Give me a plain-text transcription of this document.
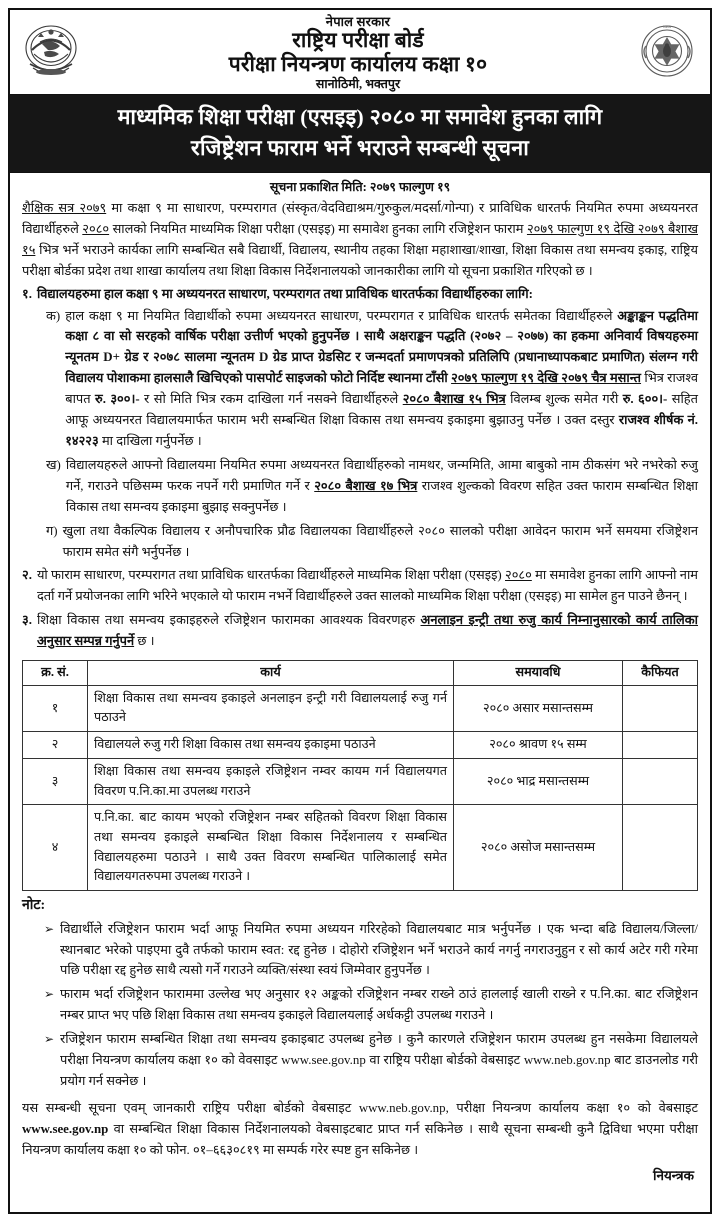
नेपाल सरकार
राष्ट्रिय परीक्षा बोर्ड
परीक्षा नियन्त्रण कार्यालय कक्षा १०
सानोठिमी, भक्तपुर
NEB
माध्यमिक शिक्षा परीक्षा (एसइइ) २०८० मा समावेश हुनका लागि
रजिष्ट्रेशन फाराम भर्ने भराउने सम्बन्धी सूचना
सूचना प्रकाशित मिति: २०७९ फाल्गुण १९

शैक्षिक सत्र २०७९ मा कक्षा ९ मा साधारण, परम्परागत (संस्कृत/वेदविद्याश्रम/गुरुकुल/मदर्सा/गोन्पा) र प्राविधिक धारतर्फ नियमित रुपमा अध्ययनरत विद्यार्थीहरुले २०८० सालको नियमित माध्यमिक शिक्षा परीक्षा (एसइइ) मा समावेश हुनका लागि रजिष्ट्रेशन फाराम २०७९ फाल्गुण १९ देखि २०७९ बैशाख १५ भित्र भर्ने भराउने कार्यका लागि सम्बन्धित सबै विद्यार्थी, विद्यालय, स्थानीय तहका शिक्षा महाशाखा/शाखा, शिक्षा विकास तथा समन्वय इकाइ, राष्ट्रिय परीक्षा बोर्डका प्रदेश तथा शाखा कार्यालय तथा शिक्षा विकास निर्देशनालयको जानकारीका लागि यो सूचना प्रकाशित गरिएको छ ।

१. विद्यालयहरुमा हाल कक्षा ९ मा अध्ययनरत साधारण, परम्परागत तथा प्राविधिक धारतर्फका विद्यार्थीहरुका लागि:
क) हाल कक्षा ९ मा नियमित विद्यार्थीको रुपमा अध्ययनरत साधारण, परम्परागत र प्राविधिक धारतर्फ समेतका विद्यार्थीहरुले अङ्काङ्कन पद्धतिमा कक्षा ८ वा सो सरहको वार्षिक परीक्षा उत्तीर्ण भएको हुनुपर्नेछ । साथै अक्षराङ्कन पद्धति (२०७२ – २०७७) का हकमा अनिवार्य विषयहरुमा न्यूनतम D+ ग्रेड र २०७८ सालमा न्यूनतम D ग्रेड प्राप्त ग्रेडसिट र जन्मदर्ता प्रमाणपत्रको प्रतिलिपि (प्रधानाध्यापकबाट प्रमाणित) संलग्न गरी विद्यालय पोशाकमा हालसालै खिचिएको पासपोर्ट साइजको फोटो निर्दिष्ट स्थानमा टाँसी २०७९ फाल्गुण १९ देखि २०७९ चैत्र मसान्त भित्र राजश्व बापत रु. ३००।- र सो मिति भित्र रकम दाखिला गर्न नसक्ने विद्यार्थीहरुले २०८० बैशाख १५ भित्र विलम्ब शुल्क समेत गरी रु. ६००।- सहित आफू अध्ययनरत विद्यालयमार्फत फाराम भरी सम्बन्धित शिक्षा विकास तथा समन्वय इकाइमा बुझाउनु पर्नेछ । उक्त दस्तुर राजश्व शीर्षक नं. १४२२३ मा दाखिला गर्नुपर्नेछ ।
ख) विद्यालयहरुले आफ्नो विद्यालयमा नियमित रुपमा अध्ययनरत विद्यार्थीहरुको नामथर, जन्ममिति, आमा बाबुको नाम ठीकसंग भरे नभरेको रुजु गर्ने, गराउने पछिसम्म फरक नपर्ने गरी प्रमाणित गर्ने र २०८० बैशाख १७ भित्र राजश्व शुल्कको विवरण सहित उक्त फाराम सम्बन्धित शिक्षा विकास तथा समन्वय इकाइमा बुझाइ सक्नुपर्नेछ ।
ग) खुला तथा वैकल्पिक विद्यालय र अनौपचारिक प्रौढ विद्यालयका विद्यार्थीहरुले २०८० सालको परीक्षा आवेदन फाराम भर्ने समयमा रजिष्ट्रेशन फाराम समेत संगै भर्नुपर्नेछ ।
२. यो फाराम साधारण, परम्परागत तथा प्राविधिक धारतर्फका विद्यार्थीहरुले माध्यमिक शिक्षा परीक्षा (एसइइ) २०८० मा समावेश हुनका लागि आफ्नो नाम दर्ता गर्ने प्रयोजनका लागि भरिने भएकाले यो फाराम नभर्ने विद्यार्थीहरुले उक्त सालको माध्यमिक शिक्षा परीक्षा (एसइइ) मा सामेल हुन पाउने छैनन् ।
३. शिक्षा विकास तथा समन्वय इकाइहरुले रजिष्ट्रेशन फारामका आवश्यक विवरणहरु अनलाइन इन्ट्री तथा रुजु कार्य निम्नानुसारको कार्य तालिका अनुसार सम्पन्न गर्नुपर्ने छ ।
क्र. सं.	कार्य	समयावधि	कैफियत
१	शिक्षा विकास तथा समन्वय इकाइले अनलाइन इन्ट्री गरी विद्यालयलाई रुजु गर्न पठाउने	२०८० असार मसान्तसम्म	
२	विद्यालयले रुजु गरी शिक्षा विकास तथा समन्वय इकाइमा पठाउने	२०८० श्रावण १५ सम्म	
३	शिक्षा विकास तथा समन्वय इकाइले रजिष्ट्रेशन नम्वर कायम गर्न विद्यालयगत विवरण प.नि.का.मा उपलब्ध गराउने	२०८० भाद्र मसान्तसम्म	
४	प.नि.का. बाट कायम भएको रजिष्ट्रेशन नम्बर सहितको विवरण शिक्षा विकास तथा समन्वय इकाइले सम्बन्धित शिक्षा विकास निर्देशनालय र सम्बन्धित विद्यालयहरुमा पठाउने । साथै उक्त विवरण सम्बन्धित पालिकालाई समेत विद्यालयगतरुपमा उपलब्ध गराउने ।	२०८० असोज मसान्तसम्म	
नोट:
➢ विद्यार्थीले रजिष्ट्रेशन फाराम भर्दा आफू नियमित रुपमा अध्ययन गरिरहेको विद्यालयबाट मात्र भर्नुपर्नेछ । एक भन्दा बढि विद्यालय/जिल्ला/स्थानबाट भरेको पाइएमा दुवै तर्फको फाराम स्वत: रद्द हुनेछ । दोहोरो रजिष्ट्रेशन भर्ने भराउने कार्य नगर्नु नगराउनुहुन र सो कार्य अटेर गरी गरेमा पछि परीक्षा रद्द हुनेछ साथै त्यसो गर्ने गराउने व्यक्ति/संस्था स्वयं जिम्मेवार हुनुपर्नेछ ।
➢ फाराम भर्दा रजिष्ट्रेशन फाराममा उल्लेख भए अनुसार १२ अङ्कको रजिष्ट्रेशन नम्बर राख्ने ठाउं हाललाई खाली राख्ने र प.नि.का. बाट रजिष्ट्रेशन नम्बर प्राप्त भए पछि शिक्षा विकास तथा समन्वय इकाइले विद्यालयलाई अर्धकट्टी उपलब्ध गराउने ।
➢ रजिष्ट्रेशन फाराम सम्बन्धित शिक्षा तथा समन्वय इकाइबाट उपलब्ध हुनेछ । कुनै कारणले रजिष्ट्रेशन फाराम उपलब्ध हुन नसकेमा विद्यालयले परीक्षा नियन्त्रण कार्यालय कक्षा १० को वेवसाइट www.see.gov.np वा राष्ट्रिय परीक्षा बोर्डको वेबसाइट www.neb.gov.np बाट डाउनलोड गरी प्रयोग गर्न सक्नेछ ।

यस सम्बन्धी सूचना एवम् जानकारी राष्ट्रिय परीक्षा बोर्डको वेबसाइट www.neb.gov.np, परीक्षा नियन्त्रण कार्यालय कक्षा १० को वेबसाइट www.see.gov.np वा सम्बन्धित शिक्षा विकास निर्देशनालयको वेबसाइटबाट प्राप्त गर्न सकिनेछ । साथै सूचना सम्बन्धी कुनै द्विविधा भएमा परीक्षा नियन्त्रण कार्यालय कक्षा १० को फोन. ०१–६६३०८१९ मा सम्पर्क गरेर स्पष्ट हुन सकिनेछ ।

नियन्त्रक
